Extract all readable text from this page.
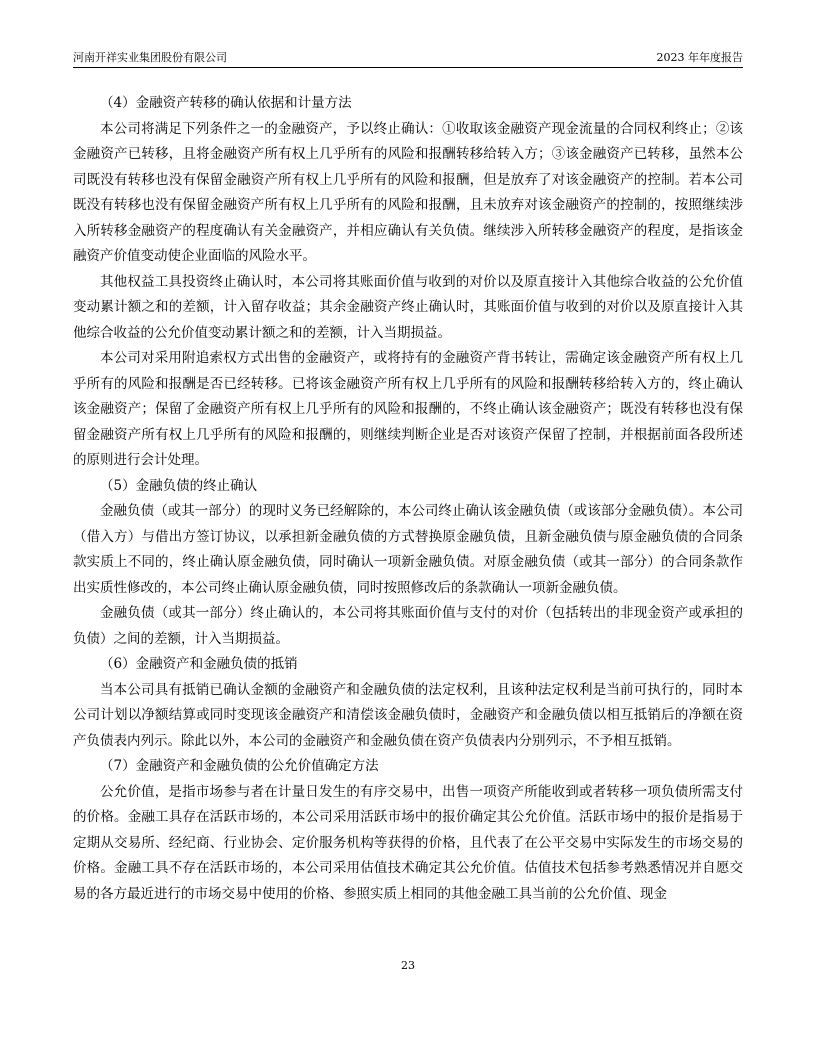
河南开祥实业集团股份有限公司	2023 年年度报告

（4）金融资产转移的确认依据和计量方法

本公司将满足下列条件之一的金融资产，予以终止确认：①收取该金融资产现金流量的合同权利终止；②该金融资产已转移，且将金融资产所有权上几乎所有的风险和报酬转移给转入方；③该金融资产已转移，虽然本公司既没有转移也没有保留金融资产所有权上几乎所有的风险和报酬，但是放弃了对该金融资产的控制。若本公司既没有转移也没有保留金融资产所有权上几乎所有的风险和报酬，且未放弃对该金融资产的控制的，按照继续涉入所转移金融资产的程度确认有关金融资产，并相应确认有关负债。继续涉入所转移金融资产的程度，是指该金融资产价值变动使企业面临的风险水平。

其他权益工具投资终止确认时，本公司将其账面价值与收到的对价以及原直接计入其他综合收益的公允价值变动累计额之和的差额，计入留存收益；其余金融资产终止确认时，其账面价值与收到的对价以及原直接计入其他综合收益的公允价值变动累计额之和的差额，计入当期损益。

本公司对采用附追索权方式出售的金融资产，或将持有的金融资产背书转让，需确定该金融资产所有权上几乎所有的风险和报酬是否已经转移。已将该金融资产所有权上几乎所有的风险和报酬转移给转入方的，终止确认该金融资产；保留了金融资产所有权上几乎所有的风险和报酬的，不终止确认该金融资产；既没有转移也没有保留金融资产所有权上几乎所有的风险和报酬的，则继续判断企业是否对该资产保留了控制，并根据前面各段所述的原则进行会计处理。

（5）金融负债的终止确认

金融负债（或其一部分）的现时义务已经解除的，本公司终止确认该金融负债（或该部分金融负债）。本公司（借入方）与借出方签订协议，以承担新金融负债的方式替换原金融负债，且新金融负债与原金融负债的合同条款实质上不同的，终止确认原金融负债，同时确认一项新金融负债。对原金融负债（或其一部分）的合同条款作出实质性修改的，本公司终止确认原金融负债，同时按照修改后的条款确认一项新金融负债。

金融负债（或其一部分）终止确认的，本公司将其账面价值与支付的对价（包括转出的非现金资产或承担的负债）之间的差额，计入当期损益。

（6）金融资产和金融负债的抵销

当本公司具有抵销已确认金额的金融资产和金融负债的法定权利，且该种法定权利是当前可执行的，同时本公司计划以净额结算或同时变现该金融资产和清偿该金融负债时，金融资产和金融负债以相互抵销后的净额在资产负债表内列示。除此以外，本公司的金融资产和金融负债在资产负债表内分别列示，不予相互抵销。

（7）金融资产和金融负债的公允价值确定方法

公允价值，是指市场参与者在计量日发生的有序交易中，出售一项资产所能收到或者转移一项负债所需支付的价格。金融工具存在活跃市场的，本公司采用活跃市场中的报价确定其公允价值。活跃市场中的报价是指易于定期从交易所、经纪商、行业协会、定价服务机构等获得的价格，且代表了在公平交易中实际发生的市场交易的价格。金融工具不存在活跃市场的，本公司采用估值技术确定其公允价值。估值技术包括参考熟悉情况并自愿交易的各方最近进行的市场交易中使用的价格、参照实质上相同的其他金融工具当前的公允价值、现金

23
